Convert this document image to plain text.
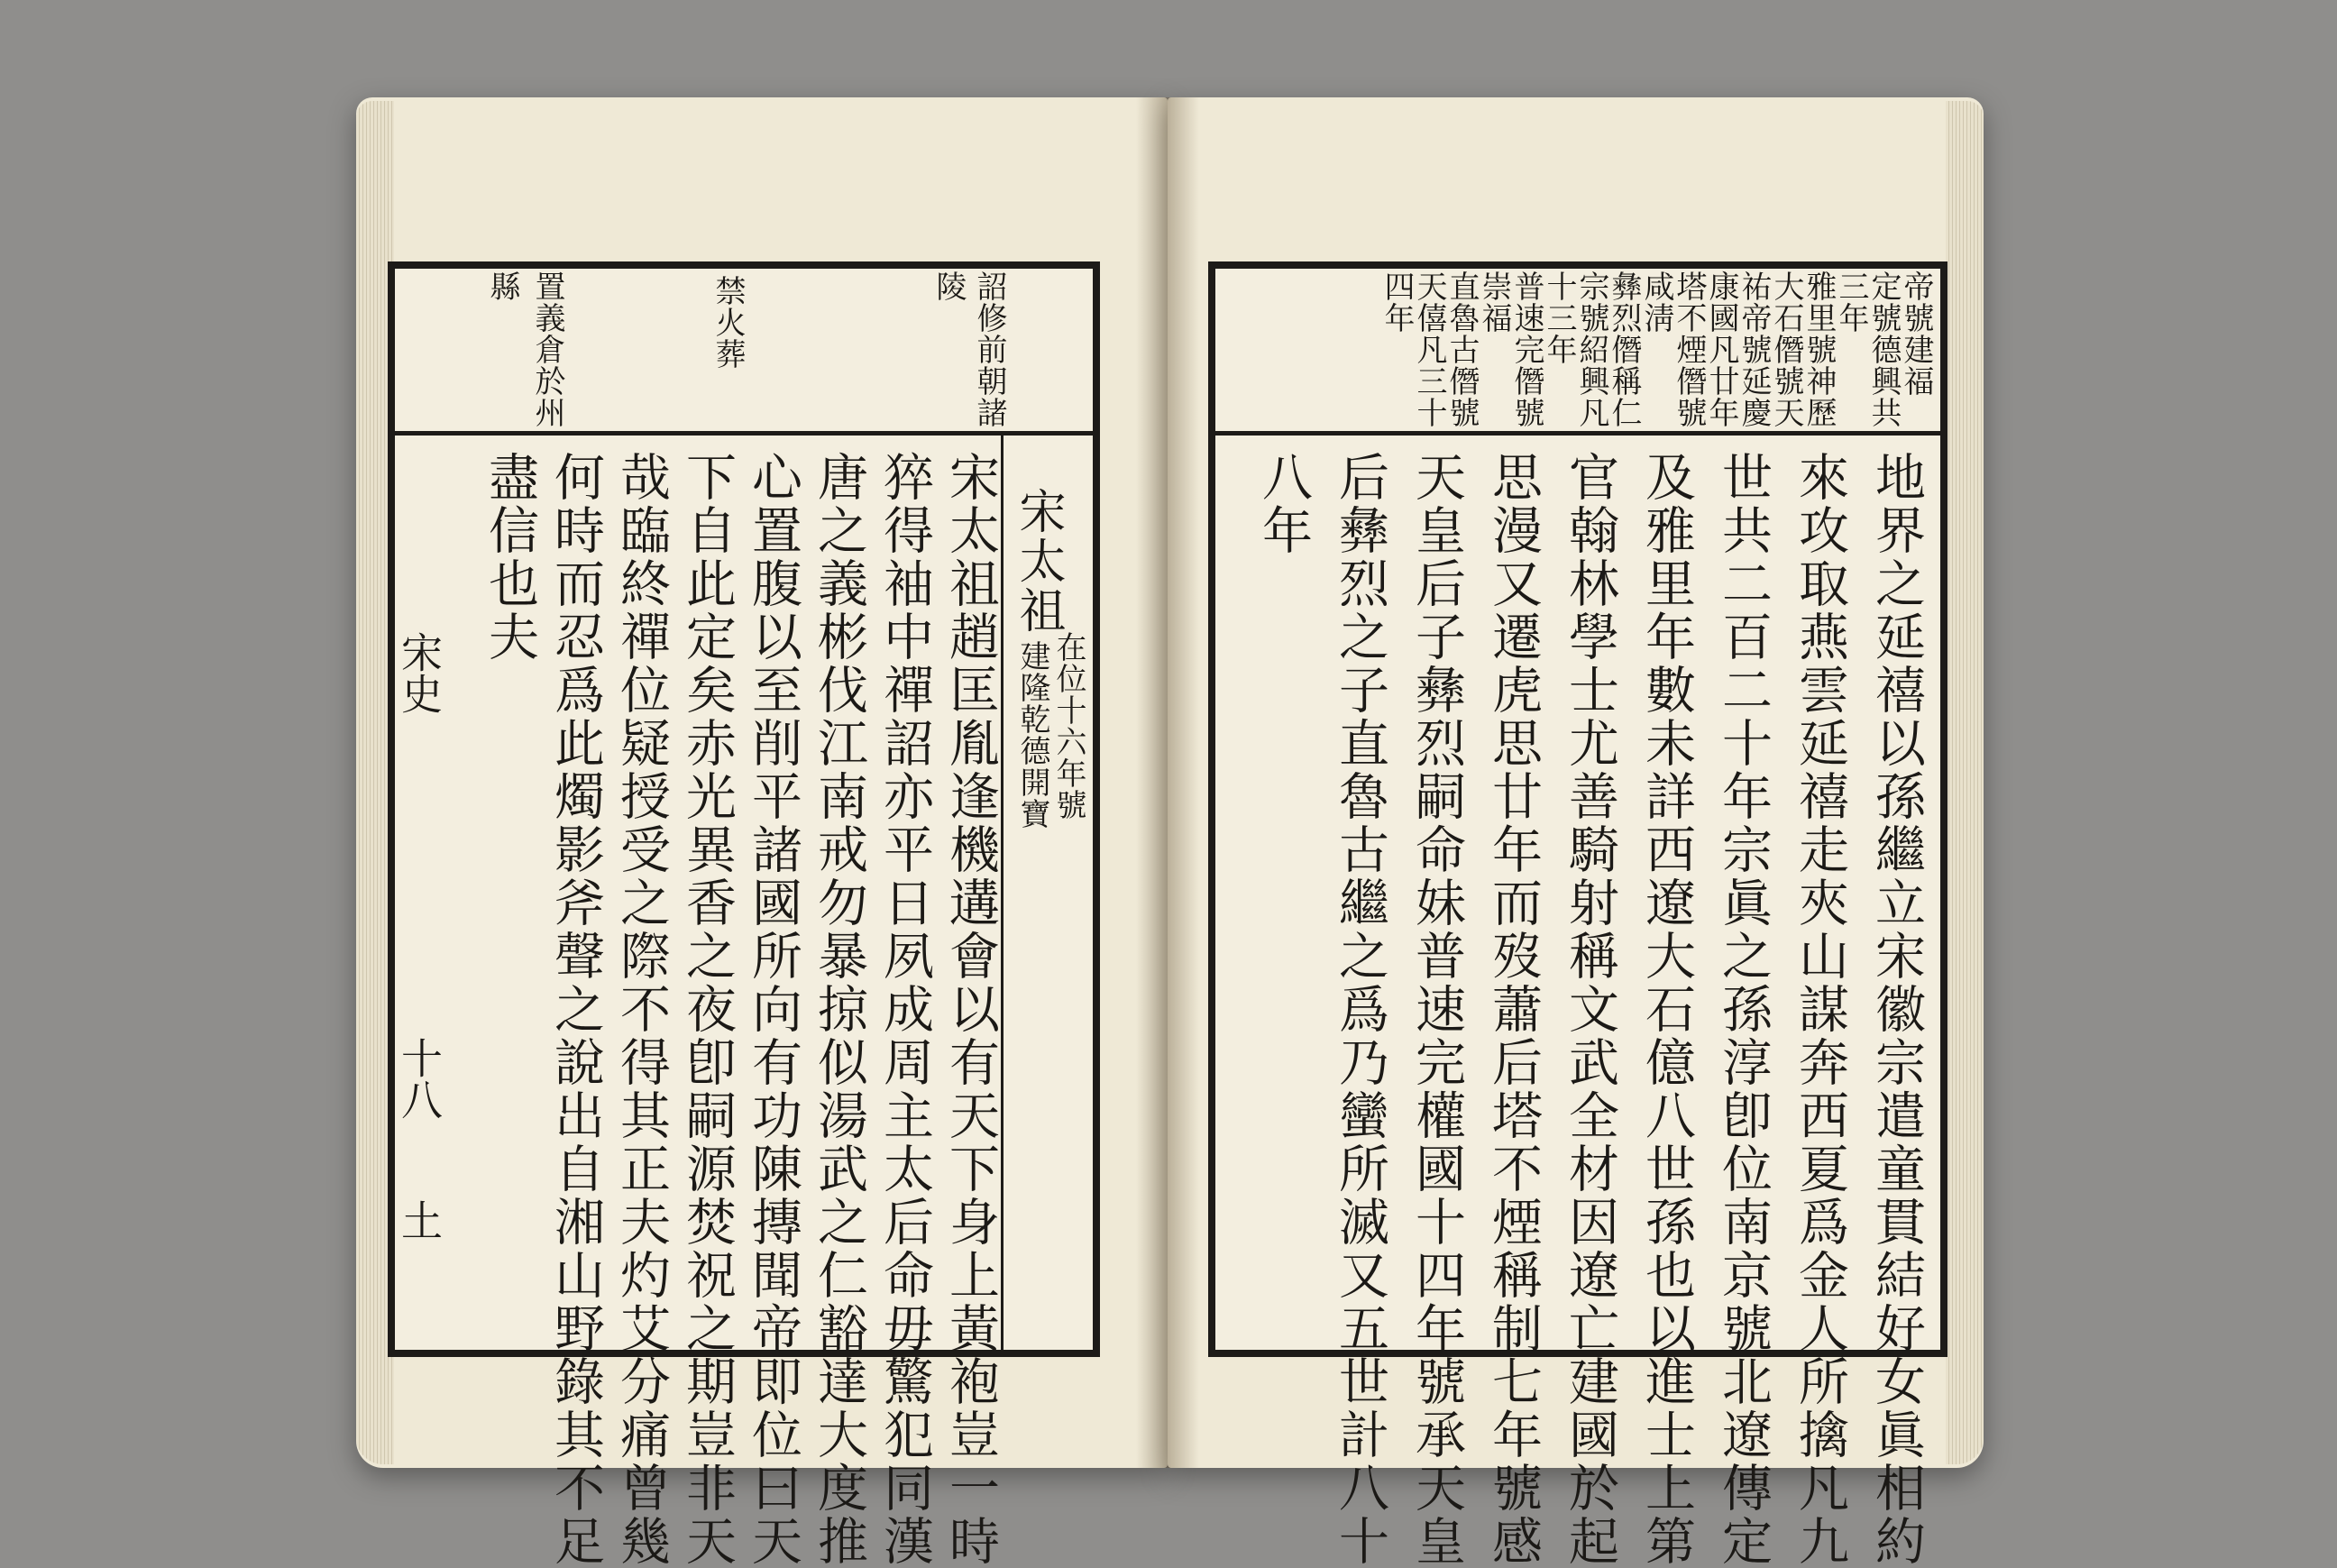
詔修前朝諸
陵
禁火葬
置義倉於州
縣
宋太祖
在位十六年號
建隆乾德開寶
宋太祖趙匡胤逢機遘會以有天下身上黃袍豈一時
猝得袖中禪詔亦平日夙成周主太后命毋驚犯同漢
唐之義彬伐江南戒勿暴掠似湯武之仁豁達大度推
心置腹以至削平諸國所向有功陳摶聞帝即位曰天
下自此定矣赤光異香之夜卽嗣源焚祝之期豈非天
哉臨終禪位疑授受之際不得其正夫灼艾分痛曾幾
何時而忍爲此燭影斧聲之說出自湘山野錄其不足
盡信也夫
宋史
十八
土
帝號建福
定號德興共
三年
雅里號神歷
大石僭號天
祐帝號延慶
康國凡廿年
塔不煙僭號
咸淸
彝烈僭稱仁
宗號紹興凡
十三年
普速完僭號
崇福
直魯古僭號
天僖凡三十
四年
地界之延禧以孫繼立宋徽宗遣童貫結好女眞相約
來攻取燕雲延禧走夾山謀奔西夏爲金人所擒凡九
世共二百二十年宗眞之孫淳卽位南京號北遼傳定
及雅里年數未詳西遼大石億八世孫也以進士上第
官翰林學士尤善騎射稱文武全材因遼亡建國於起
思漫又遷虎思廿年而歿蕭后塔不煙稱制七年號感
天皇后子彝烈嗣命妹普速完權國十四年號承天皇
后彝烈之子直魯古繼之爲乃蠻所滅又五世計八十
八年
